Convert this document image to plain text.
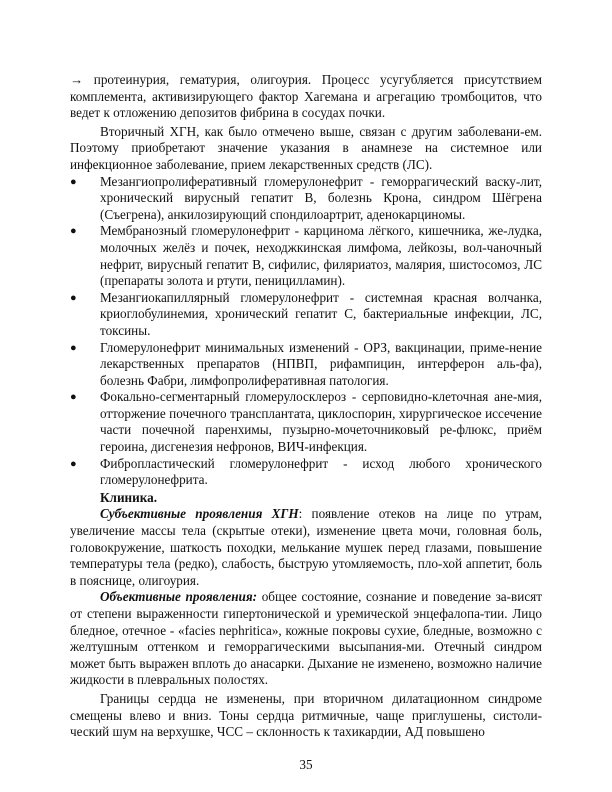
→ протеинурия, гематурия, олигоурия. Процесс усугубляется присутствием комплемента, активизирующего фактор Хагемана и агрегацию тромбоцитов, что ведет к отложению депозитов фибрина в сосудах почки.

Вторичный ХГН, как было отмечено выше, связан с другим заболевани-ем. Поэтому приобретают значение указания в анамнезе на системное или инфекционное заболевание, прием лекарственных средств (ЛС).

● Мезангиопролиферативный гломерулонефрит - геморрагический васку-лит, хронический вирусный гепатит В, болезнь Крона, синдром Шёгрена (Съегрена), анкилозирующий спондилоартрит, аденокарциномы.
● Мембранозный гломерулонефрит - карцинома лёгкого, кишечника, же-лудка, молочных желёз и почек, неходжкинская лимфома, лейкозы, вол-чаночный нефрит, вирусный гепатит В, сифилис, филяриатоз, малярия, шистосомоз, ЛС (препараты золота и ртути, пеницилламин).
● Мезангиокапиллярный гломерулонефрит - системная красная волчанка, криоглобулинемия, хронический гепатит С, бактериальные инфекции, ЛС, токсины.
● Гломерулонефрит минимальных изменений - ОРЗ, вакцинации, приме-нение лекарственных препаратов (НПВП, рифампицин, интерферон аль-фа), болезнь Фабри, лимфопролиферативная патология.
● Фокально-сегментарный гломерулосклероз - серповидно-клеточная ане-мия, отторжение почечного трансплантата, циклоспорин, хирургическое иссечение части почечной паренхимы, пузырно-мочеточниковый ре-флюкс, приём героина, дисгенезия нефронов, ВИЧ-инфекция.
● Фибропластический гломерулонефрит - исход любого хронического гломерулонефрита.

Клиника.

Субъективные проявления ХГН: появление отеков на лице по утрам, увеличение массы тела (скрытые отеки), изменение цвета мочи, головная боль, головокружение, шаткость походки, мелькание мушек перед глазами, повышение температуры тела (редко), слабость, быструю утомляемость, пло-хой аппетит, боль в пояснице, олигоурия.

Объективные проявления: общее состояние, сознание и поведение за-висят от степени выраженности гипертонической и уремической энцефалопа-тии. Лицо бледное, отечное - «facies nephritica», кожные покровы сухие, бледные, возможно с желтушным оттенком и геморрагическими высыпания-ми. Отечный синдром может быть выражен вплоть до анасарки. Дыхание не изменено, возможно наличие жидкости в плевральных полостях.

Границы сердца не изменены, при вторичном дилатационном синдроме смещены влево и вниз. Тоны сердца ритмичные, чаще приглушены, систоли-ческий шум на верхушке, ЧСС – склонность к тахикардии, АД повышено

35
